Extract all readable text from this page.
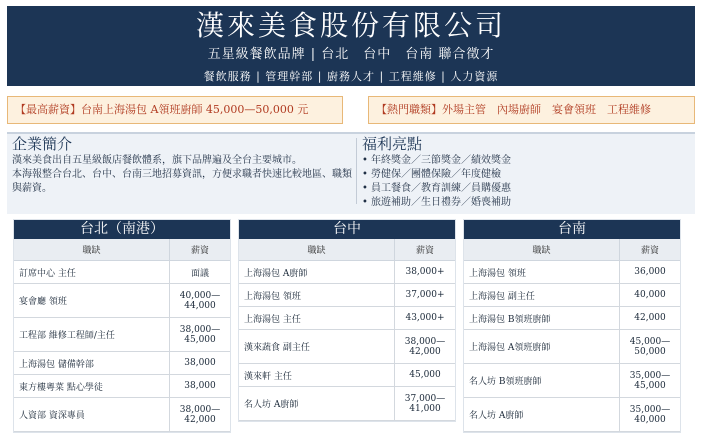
漢來美食股份有限公司
五星級餐飲品牌 | 台北　台中　台南 聯合徵才
餐飲服務 | 管理幹部 | 廚務人才 | 工程維修 | 人力資源
【最高薪資】台南上海湯包 A領班廚師 45,000—50,000 元	【熱門職類】外場主管　內場廚師　宴會領班　工程維修
企業簡介

漢來美食出自五星級飯店餐飲體系，旗下品牌遍及全台主要城市。

本海報整合台北、台中、台南三地招募資訊，方便求職者快速比較地區、職類與薪資。

福利亮點
• 年終獎金／三節獎金／績效獎金
• 勞健保／團體保險／年度健檢
• 員工餐食／教育訓練／員購優惠
• 旅遊補助／生日禮券／婚喪補助
台北（南港）
職缺	薪資
訂席中心 主任	面議
宴會廳 領班	40,000—44,000
工程部 維修工程師/主任	38,000—45,000
上海湯包 儲備幹部	38,000
東方樓粵菜 點心學徒	38,000
人資部 資深專員	38,000—42,000
台中
職缺	薪資
上海湯包 A廚師	38,000+
上海湯包 領班	37,000+
上海湯包 主任	43,000+
漢來蔬食 副主任	38,000—42,000
漢來軒 主任	45,000
名人坊 A廚師	37,000—41,000
台南
職缺	薪資
上海湯包 領班	36,000
上海湯包 副主任	40,000
上海湯包 B領班廚師	42,000
上海湯包 A領班廚師	45,000—50,000
名人坊 B領班廚師	35,000—45,000
名人坊 A廚師	35,000—40,000
